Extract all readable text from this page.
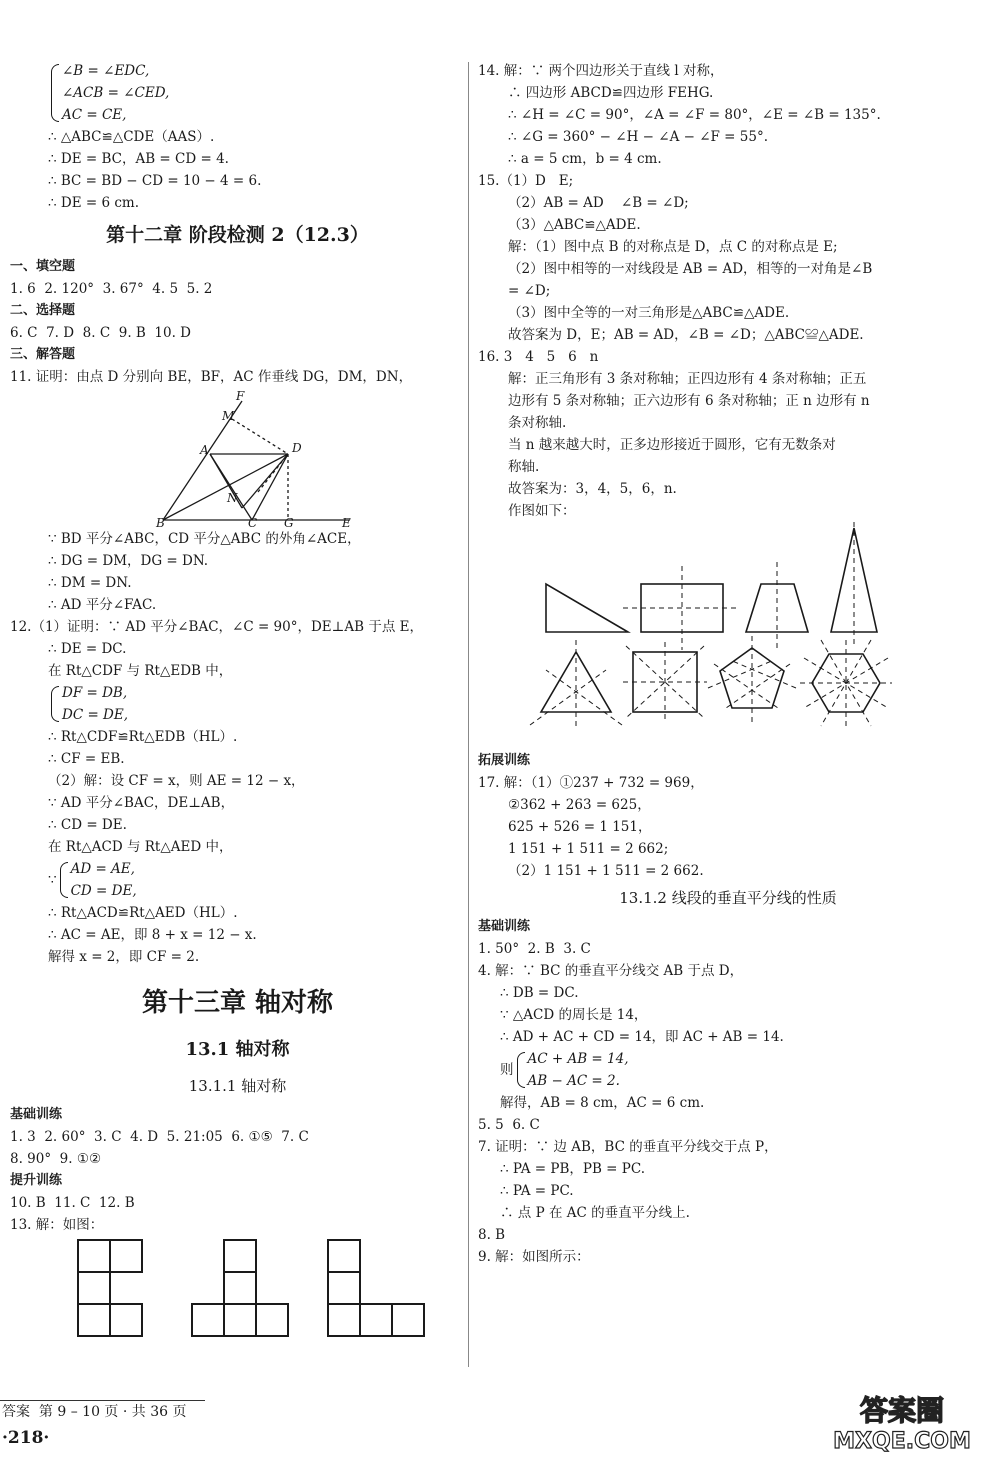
∠B = ∠EDC,
∠ACB = ∠CED,
AC = CE,
∴ △ABC≌△CDE（AAS）.
∴ DE = BC，AB = CD = 4.
∴ BC = BD − CD = 10 − 4 = 6.
∴ DE = 6 cm.
第十二章 阶段检测 2（12.3）
一、填空题
1. 6  2. 120°  3. 67°  4. 5  5. 2
二、选择题
6. C  7. D  8. C  9. B  10. D
三、解答题
11. 证明：由点 D 分别向 BE，BF，AC 作垂线 DG，DM，DN，
F
M
A	D
N
B	C G	E
∵ BD 平分∠ABC，CD 平分△ABC 的外角∠ACE，
∴ DG = DM，DG = DN.
∴ DM = DN.
∴ AD 平分∠FAC.
12.（1）证明：∵ AD 平分∠BAC，∠C = 90°，DE⊥AB 于点 E，
∴ DE = DC.
在 Rt△CDF 与 Rt△EDB 中，
DF = DB,
DC = DE,
∴ Rt△CDF≌Rt△EDB（HL）.
∴ CF = EB.
（2）解：设 CF = x，则 AE = 12 − x，
∵ AD 平分∠BAC，DE⊥AB，
∴ CD = DE.
在 Rt△ACD 与 Rt△AED 中，
∵
AD = AE,
CD = DE,
∴ Rt△ACD≌Rt△AED（HL）.
∴ AC = AE，即 8 + x = 12 − x.
解得 x = 2，即 CF = 2.
第十三章 轴对称
13.1 轴对称
13.1.1 轴对称
基础训练
1. 3  2. 60°  3. C  4. D  5. 21:05  6. ①⑤  7. C
8. 90°  9. ①②
提升训练
10. B  11. C  12. B
13. 解：如图：
14. 解：∵ 两个四边形关于直线 l 对称，
∴ 四边形 ABCD≌四边形 FEHG.
∴ ∠H = ∠C = 90°，∠A = ∠F = 80°，∠E = ∠B = 135°.
∴ ∠G = 360° − ∠H − ∠A − ∠F = 55°.
∴ a = 5 cm，b = 4 cm.
15.（1）D   E;
（2）AB = AD    ∠B = ∠D;
（3）△ABC≌△ADE.
解：（1）图中点 B 的对称点是 D，点 C 的对称点是 E;
（2）图中相等的一对线段是 AB = AD，相等的一对角是∠B
= ∠D;
（3）图中全等的一对三角形是△ABC≌△ADE.
故答案为 D，E；AB = AD，∠B = ∠D；△ABC≌△ADE.
16. 3   4   5   6   n
解：正三角形有 3 条对称轴；正四边形有 4 条对称轴；正五
边形有 5 条对称轴；正六边形有 6 条对称轴；正 n 边形有 n
条对称轴.
当 n 越来越大时，正多边形接近于圆形，它有无数条对
称轴.
故答案为：3，4，5，6，n.
作图如下：
拓展训练
17. 解：（1）①237 + 732 = 969，
②362 + 263 = 625，
625 + 526 = 1 151，
1 151 + 1 511 = 2 662;
（2）1 151 + 1 511 = 2 662.
13.1.2 线段的垂直平分线的性质
基础训练
1. 50°  2. B  3. C
4. 解：∵ BC 的垂直平分线交 AB 于点 D，
∴ DB = DC.
∵ △ACD 的周长是 14，
∴ AD + AC + CD = 14，即 AC + AB = 14.
则
AC + AB = 14,
AB − AC = 2.
解得，AB = 8 cm，AC = 6 cm.
5. 5  6. C
7. 证明：∵ 边 AB，BC 的垂直平分线交于点 P，
∴ PA = PB，PB = PC.
∴ PA = PC.
∴ 点 P 在 AC 的垂直平分线上.
8. B
9. 解：如图所示：
答案  第 9 – 10 页 · 共 36 页
·218·
答案圈
MXQE.COM
